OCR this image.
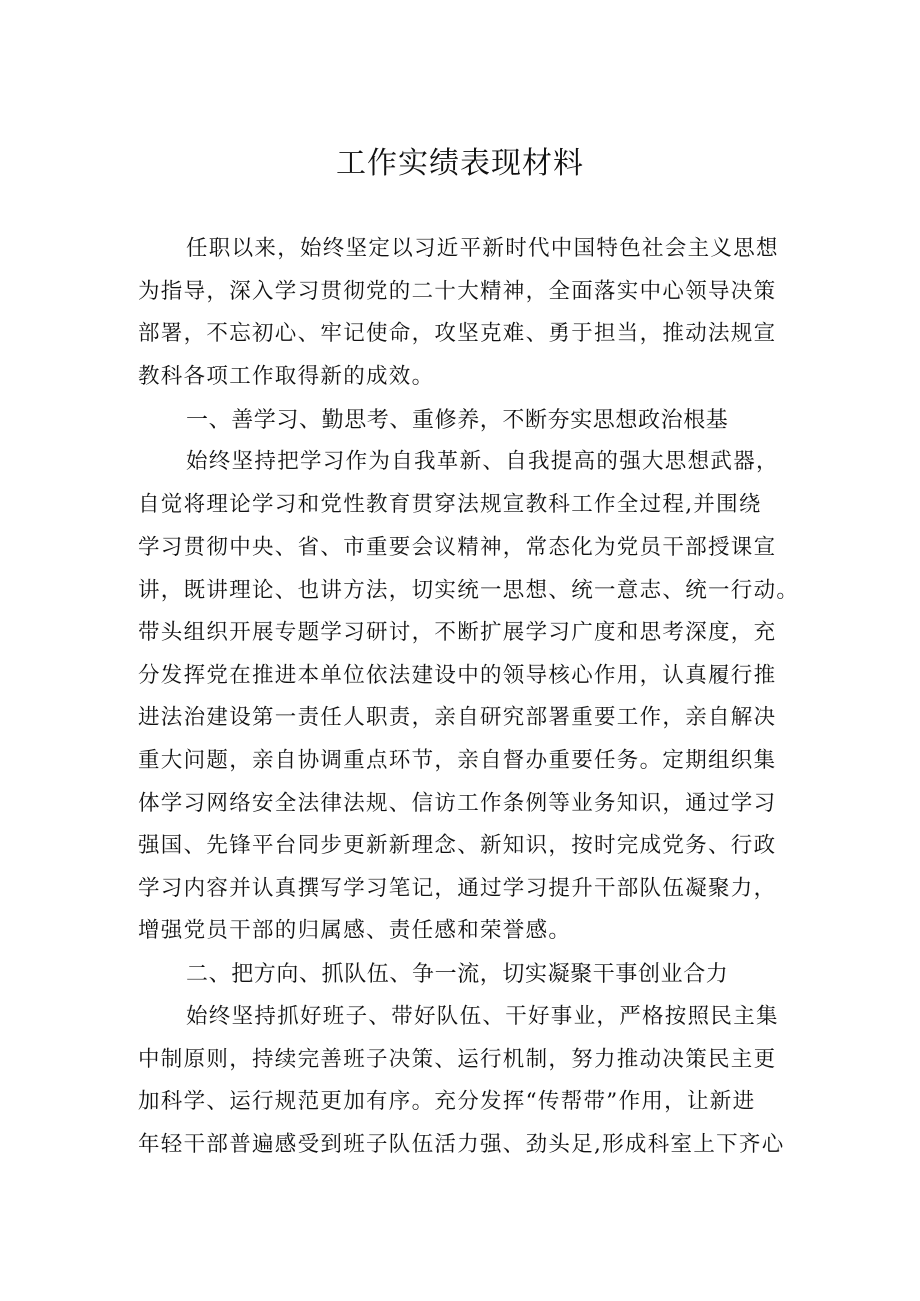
工作实绩表现材料
任职以来，始终坚定以习近平新时代中国特色社会主义思想
为指导，深入学习贯彻党的二十大精神，全面落实中心领导决策
部署，不忘初心、牢记使命，攻坚克难、勇于担当，推动法规宣
教科各项工作取得新的成效。
一、善学习、勤思考、重修养，不断夯实思想政治根基
始终坚持把学习作为自我革新、自我提高的强大思想武器，
自觉将理论学习和党性教育贯穿法规宣教科工作全过程,并围绕
学习贯彻中央、省、市重要会议精神，常态化为党员干部授课宣
讲，既讲理论、也讲方法，切实统一思想、统一意志、统一行动。
带头组织开展专题学习研讨，不断扩展学习广度和思考深度，充
分发挥党在推进本单位依法建设中的领导核心作用，认真履行推
进法治建设第一责任人职责，亲自研究部署重要工作，亲自解决
重大问题，亲自协调重点环节，亲自督办重要任务。定期组织集
体学习网络安全法律法规、信访工作条例等业务知识，通过学习
强国、先锋平台同步更新新理念、新知识，按时完成党务、行政
学习内容并认真撰写学习笔记，通过学习提升干部队伍凝聚力，
增强党员干部的归属感、责任感和荣誉感。
二、把方向、抓队伍、争一流，切实凝聚干事创业合力
始终坚持抓好班子、带好队伍、干好事业，严格按照民主集
中制原则，持续完善班子决策、运行机制，努力推动决策民主更
加科学、运行规范更加有序。充分发挥“传帮带”作用，让新进
年轻干部普遍感受到班子队伍活力强、劲头足,形成科室上下齐心
